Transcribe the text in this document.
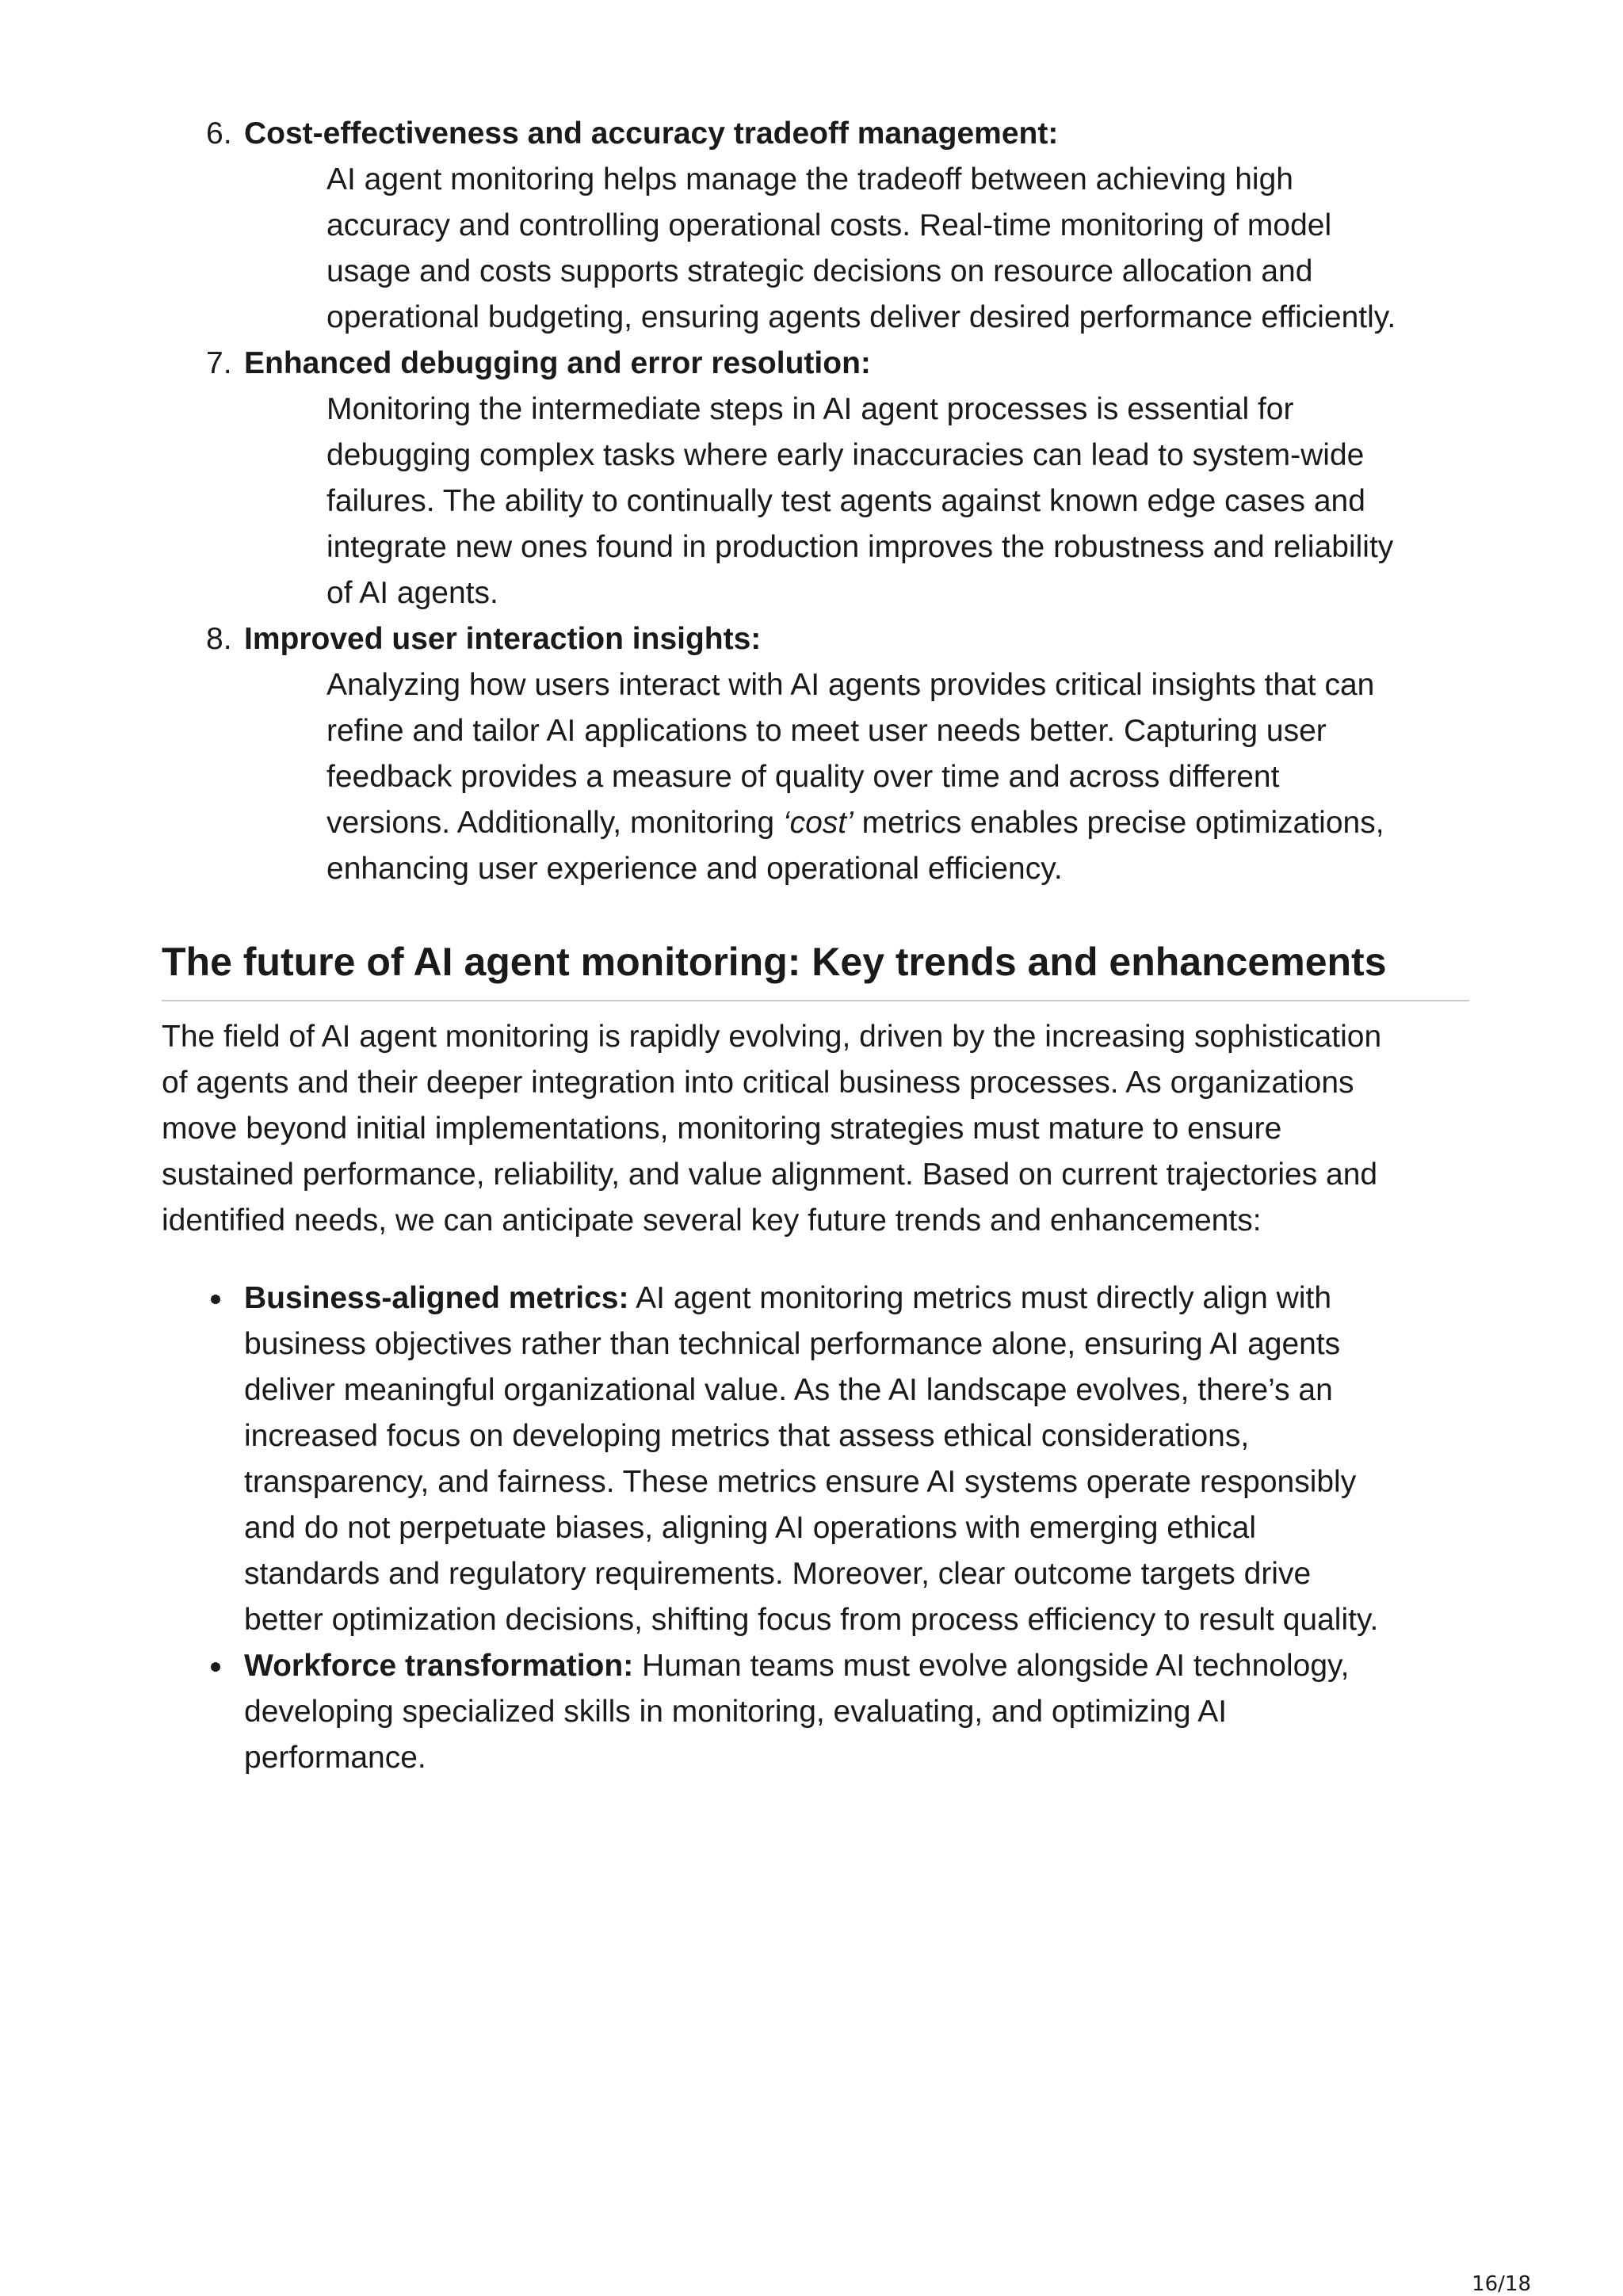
6. Cost-effectiveness and accuracy tradeoff management:
AI agent monitoring helps manage the tradeoff between achieving high
accuracy and controlling operational costs. Real-time monitoring of model
usage and costs supports strategic decisions on resource allocation and
operational budgeting, ensuring agents deliver desired performance efficiently.
7. Enhanced debugging and error resolution:
Monitoring the intermediate steps in AI agent processes is essential for
debugging complex tasks where early inaccuracies can lead to system-wide
failures. The ability to continually test agents against known edge cases and
integrate new ones found in production improves the robustness and reliability
of AI agents.
8. Improved user interaction insights:
Analyzing how users interact with AI agents provides critical insights that can
refine and tailor AI applications to meet user needs better. Capturing user
feedback provides a measure of quality over time and across different
versions. Additionally, monitoring ‘cost’ metrics enables precise optimizations,
enhancing user experience and operational efficiency.
The future of AI agent monitoring: Key trends and enhancements
The field of AI agent monitoring is rapidly evolving, driven by the increasing sophistication
of agents and their deeper integration into critical business processes. As organizations
move beyond initial implementations, monitoring strategies must mature to ensure
sustained performance, reliability, and value alignment. Based on current trajectories and
identified needs, we can anticipate several key future trends and enhancements:
Business-aligned metrics: AI agent monitoring metrics must directly align with
business objectives rather than technical performance alone, ensuring AI agents
deliver meaningful organizational value. As the AI landscape evolves, there’s an
increased focus on developing metrics that assess ethical considerations,
transparency, and fairness. These metrics ensure AI systems operate responsibly
and do not perpetuate biases, aligning AI operations with emerging ethical
standards and regulatory requirements. Moreover, clear outcome targets drive
better optimization decisions, shifting focus from process efficiency to result quality.
Workforce transformation: Human teams must evolve alongside AI technology,
developing specialized skills in monitoring, evaluating, and optimizing AI
performance.
16/18
